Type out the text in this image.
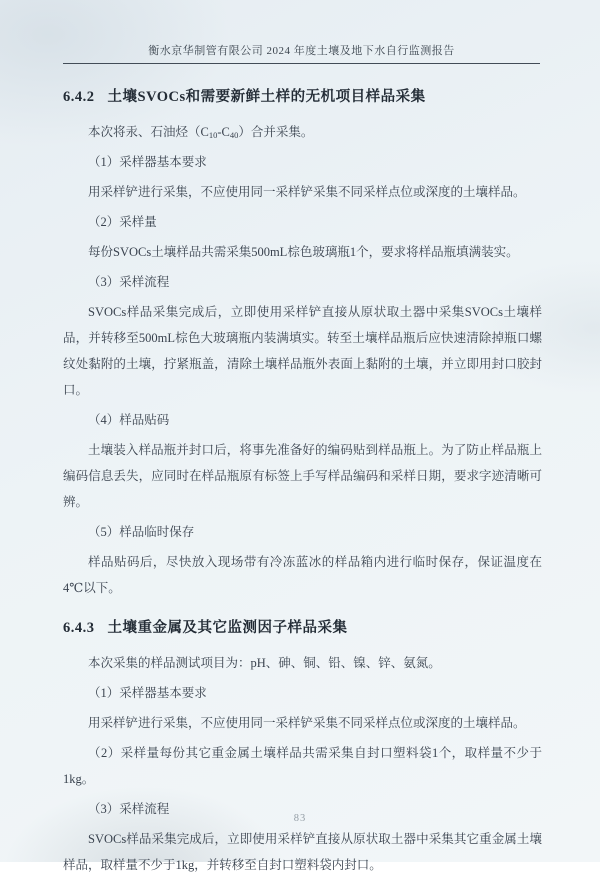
衡水京华制管有限公司 2024 年度土壤及地下水自行监测报告
6.4.2 土壤SVOCs和需要新鲜土样的无机项目样品采集

本次将汞、石油烃$(C_{10}-C_{40})$合并采集。

（1）采样器基本要求

用采样铲进行采集，不应使用同一采样铲采集不同采样点位或深度的土壤样品。

（2）采样量

每份SVOCs土壤样品共需采集500mL棕色玻璃瓶1个，要求将样品瓶填满装实。

（3）采样流程

SVOCs样品采集完成后，立即使用采样铲直接从原状取土器中采集SVOCs土壤样品，并转移至500mL棕色大玻璃瓶内装满填实。转至土壤样品瓶后应快速清除掉瓶口螺纹处黏附的土壤，拧紧瓶盖，清除土壤样品瓶外表面上黏附的土壤，并立即用封口胶封口。

（4）样品贴码

土壤装入样品瓶并封口后，将事先准备好的编码贴到样品瓶上。为了防止样品瓶上编码信息丢失，应同时在样品瓶原有标签上手写样品编码和采样日期，要求字迹清晰可辨。

（5）样品临时保存

样品贴码后，尽快放入现场带有冷冻蓝冰的样品箱内进行临时保存，保证温度在4℃以下。

6.4.3 土壤重金属及其它监测因子样品采集

本次采集的样品测试项目为：pH、砷、铜、铅、镍、锌、氨氮。

（1）采样器基本要求

用采样铲进行采集，不应使用同一采样铲采集不同采样点位或深度的土壤样品。

（2）采样量每份其它重金属土壤样品共需采集自封口塑料袋1个，取样量不少于1kg。

（3）采样流程

SVOCs样品采集完成后，立即使用采样铲直接从原状取土器中采集其它重金属土壤样品，取样量不少于1kg，并转移至自封口塑料袋内封口。

83
